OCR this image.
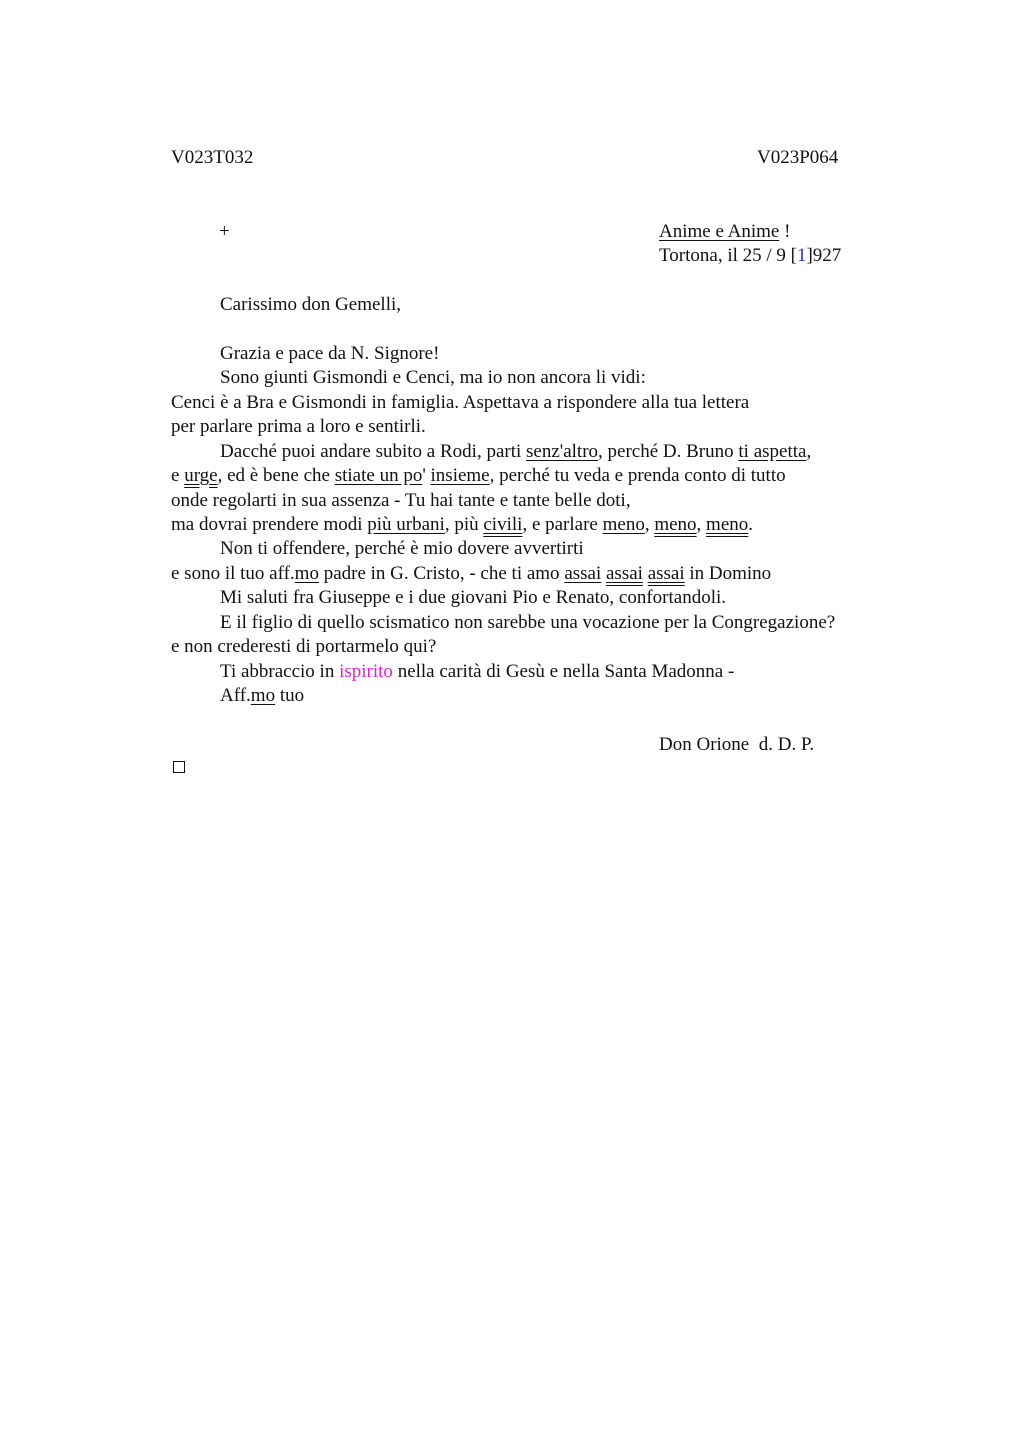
V023T032	V023P064
+	Anime e Anime !
Tortona, il 25 / 9 [1]927
Carissimo don Gemelli,
Grazia e pace da N. Signore!
Sono giunti Gismondi e Cenci, ma io non ancora li vidi:
Cenci è a Bra e Gismondi in famiglia. Aspettava a rispondere alla tua lettera
per parlare prima a loro e sentirli.
Dacché puoi andare subito a Rodi, parti senz'altro, perché D. Bruno ti aspetta,
e urge, ed è bene che stiate un po' insieme, perché tu veda e prenda conto di tutto
onde regolarti in sua assenza - Tu hai tante e tante belle doti,
ma dovrai prendere modi più urbani, più civili, e parlare meno, meno, meno.
Non ti offendere, perché è mio dovere avvertirti
e sono il tuo aff.mo padre in G. Cristo, - che ti amo assai assai assai in Domino
Mi saluti fra Giuseppe e i due giovani Pio e Renato, confortandoli.
E il figlio di quello scismatico non sarebbe una vocazione per la Congregazione?
e non crederesti di portarmelo qui?
Ti abbraccio in ispirito nella carità di Gesù e nella Santa Madonna -
Aff.mo tuo
Don Orione  d. D. P.
